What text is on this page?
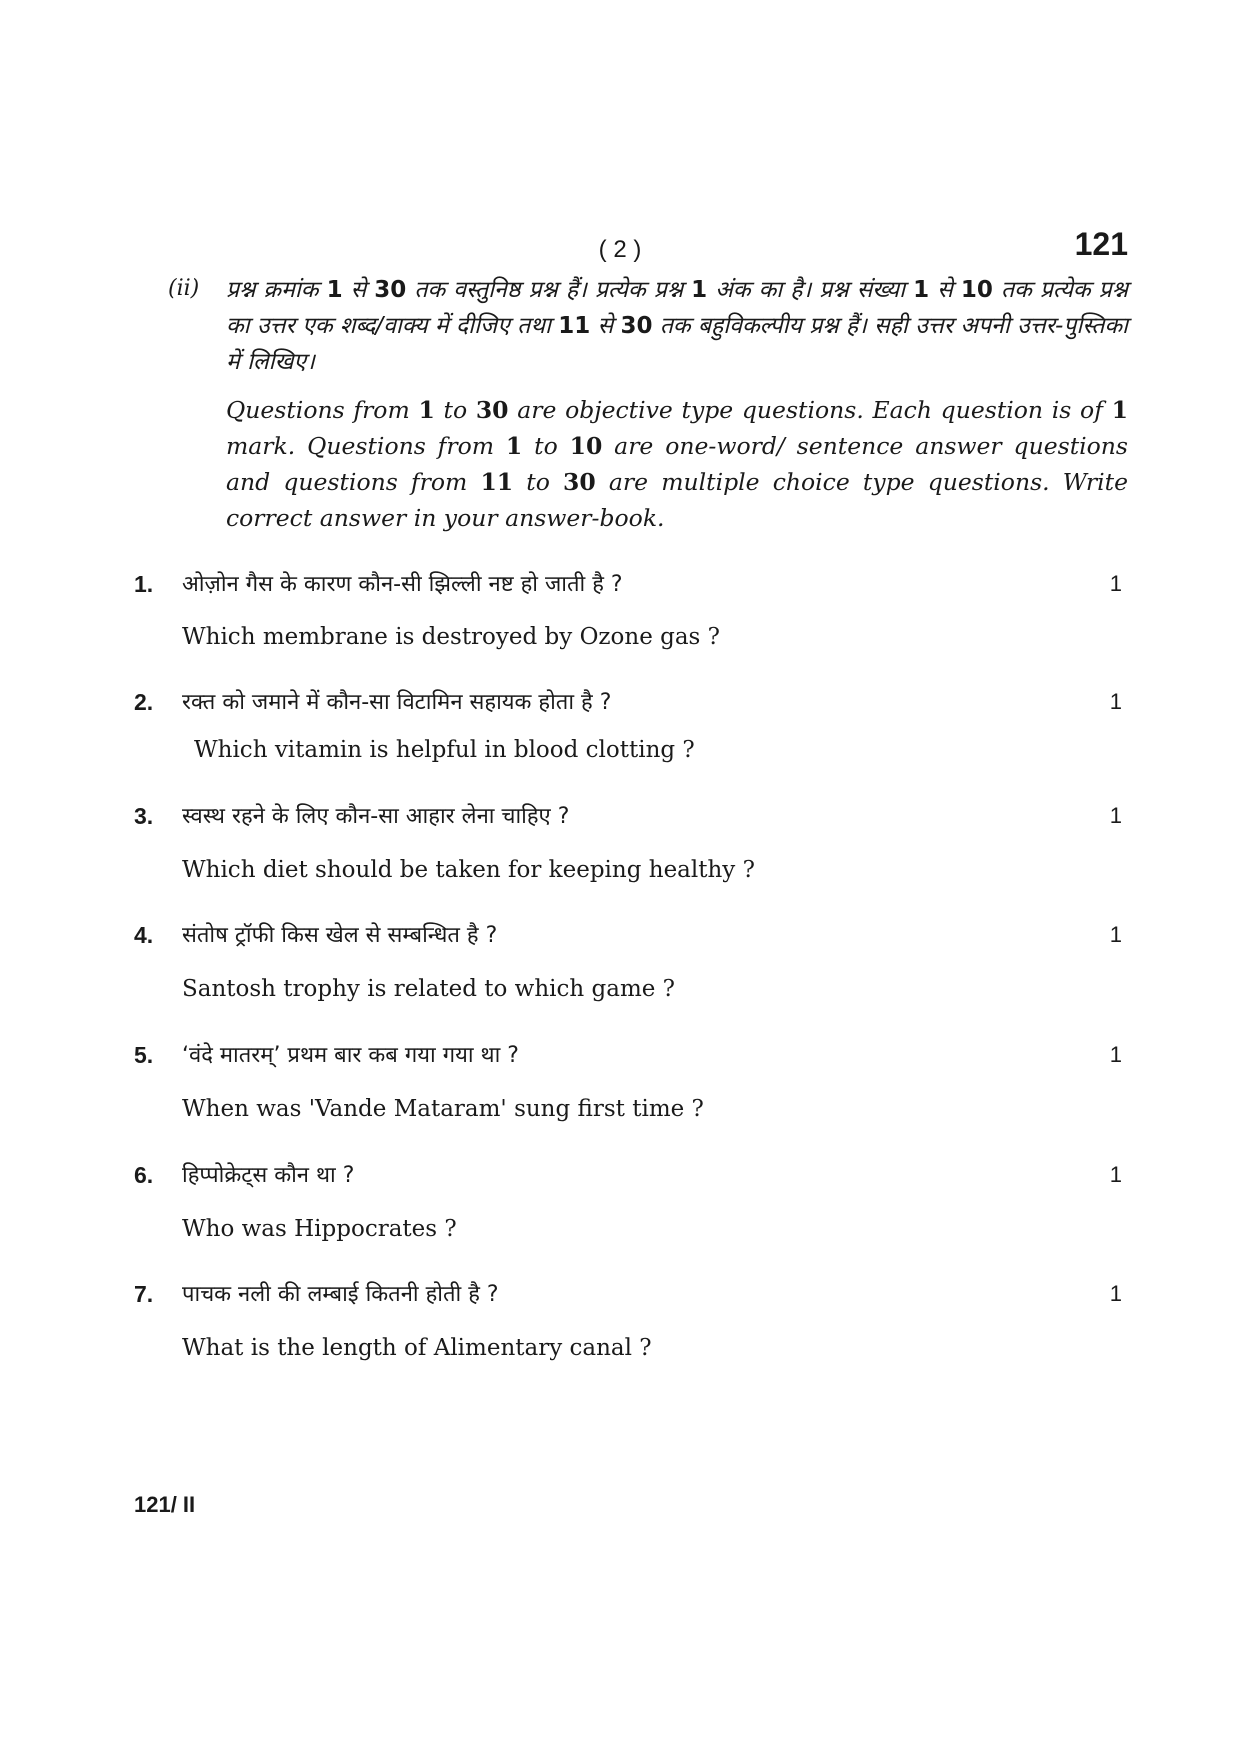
( 2 )	121
(ii) प्रश्न क्रमांक 1 से 30 तक वस्तुनिष्ठ प्रश्न हैं। प्रत्येक प्रश्न 1 अंक का है। प्रश्न संख्या 1 से 10 तक प्रत्येक प्रश्न का उत्तर एक शब्द/वाक्य में दीजिए तथा 11 से 30 तक बहुविकल्पीय प्रश्न हैं। सही उत्तर अपनी उत्तर-पुस्तिका में लिखिए।
Questions from 1 to 30 are objective type questions. Each question is of 1 mark. Questions from 1 to 10 are one-word/ sentence answer questions and questions from 11 to 30 are multiple choice type questions. Write correct answer in your answer-book.
1. ओज़ोन गैस के कारण कौन-सी झिल्ली नष्ट हो जाती है ?	1
Which membrane is destroyed by Ozone gas ?
2. रक्त को जमाने में कौन-सा विटामिन सहायक होता है ?	1
Which vitamin is helpful in blood clotting ?
3. स्वस्थ रहने के लिए कौन-सा आहार लेना चाहिए ?	1
Which diet should be taken for keeping healthy ?
4. संतोष ट्रॉफी किस खेल से सम्बन्धित है ?	1
Santosh trophy is related to which game ?
5. ‘वंदे मातरम्’ प्रथम बार कब गया गया था ?	1
When was 'Vande Mataram' sung first time ?
6. हिप्पोक्रेट्स कौन था ?	1
Who was Hippocrates ?
7. पाचक नली की लम्बाई कितनी होती है ?	1
What is the length of Alimentary canal ?
121/ II
